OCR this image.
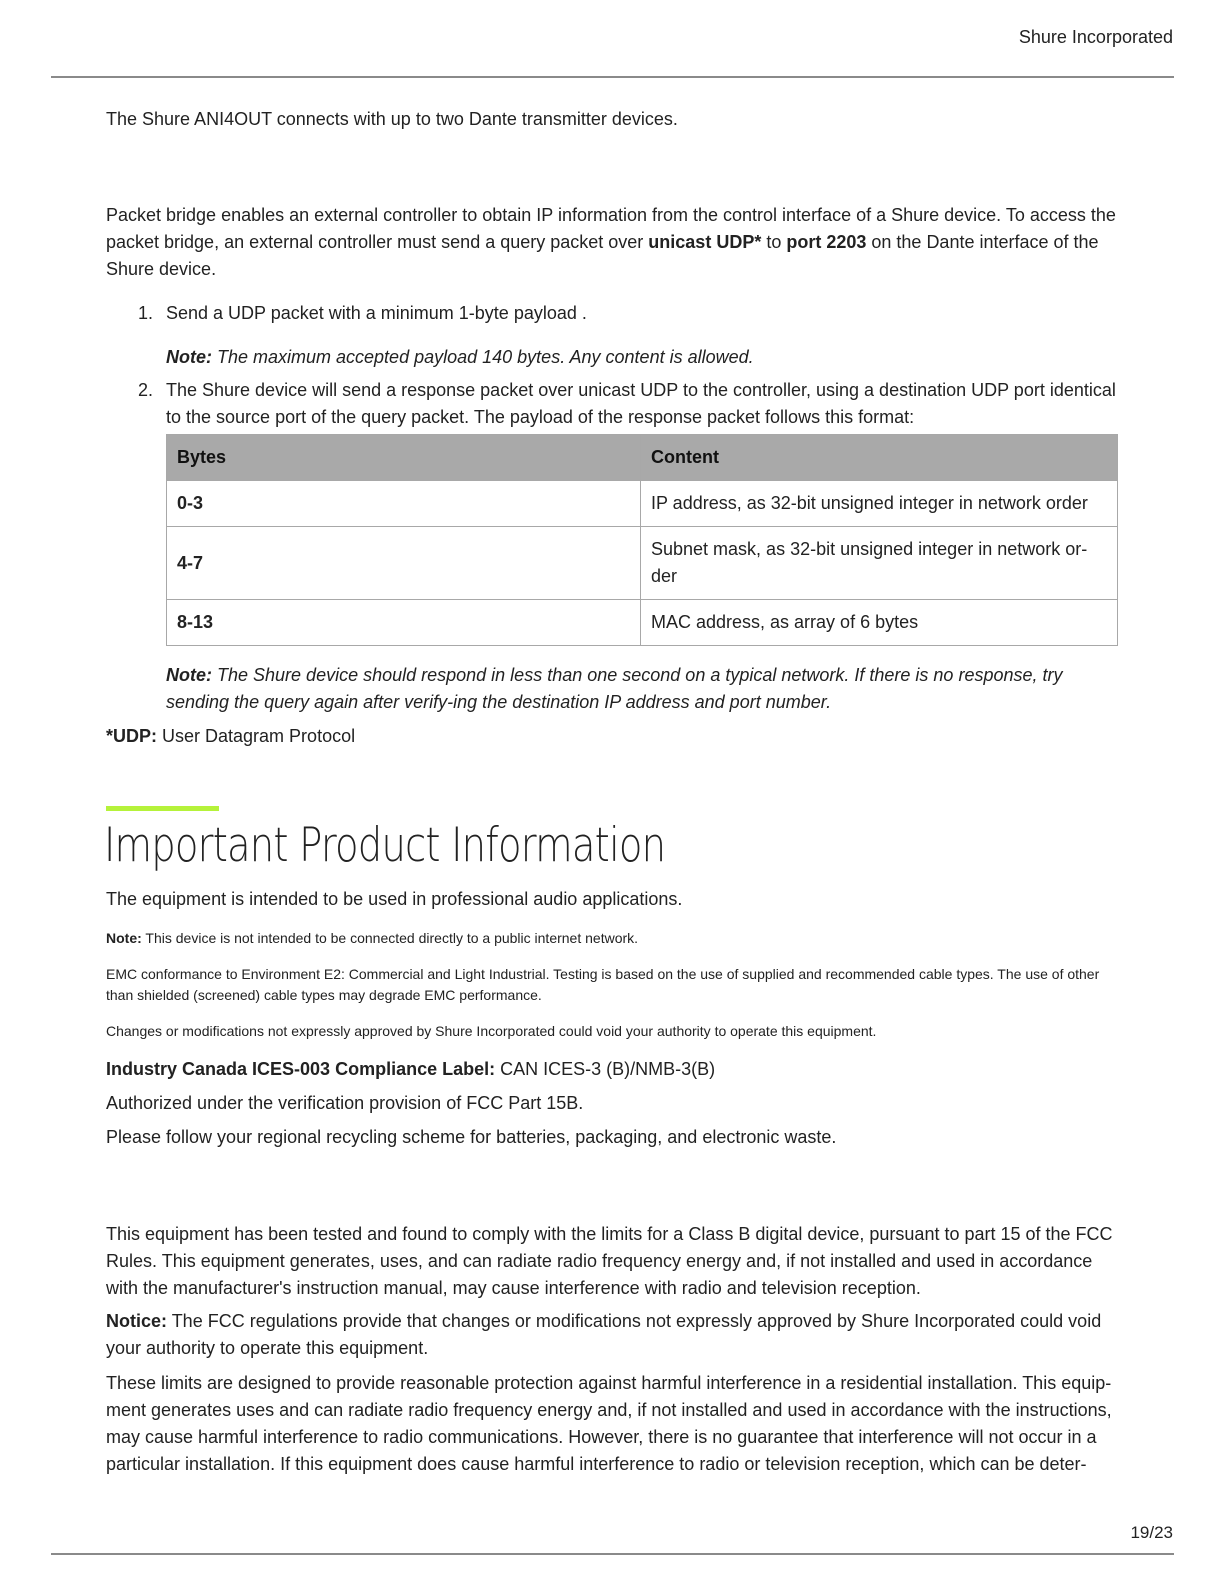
Shure Incorporated

The Shure ANI4OUT connects with up to two Dante transmitter devices.

Packet bridge enables an external controller to obtain IP information from the control interface of a Shure device. To access the packet bridge, an external controller must send a query packet over unicast UDP* to port 2203 on the Dante interface of the Shure device.

1. Send a UDP packet with a minimum 1-byte payload .

Note: The maximum accepted payload 140 bytes. Any content is allowed.

2. The Shure device will send a response packet over unicast UDP to the controller, using a destination UDP port identical to the source port of the query packet. The payload of the response packet follows this format:

Bytes	Content
0-3	IP address, as 32-bit unsigned integer in network order
4-7	Subnet mask, as 32-bit unsigned integer in network or-der
8-13	MAC address, as array of 6 bytes

Note: The Shure device should respond in less than one second on a typical network. If there is no response, try sending the query again after verify-ing the destination IP address and port number.

*UDP: User Datagram Protocol

Important Product Information

The equipment is intended to be used in professional audio applications.

Note: This device is not intended to be connected directly to a public internet network.

EMC conformance to Environment E2: Commercial and Light Industrial. Testing is based on the use of supplied and recommended cable types. The use of other than shielded (screened) cable types may degrade EMC performance.

Changes or modifications not expressly approved by Shure Incorporated could void your authority to operate this equipment.

Industry Canada ICES-003 Compliance Label: CAN ICES-3 (B)/NMB-3(B)

Authorized under the verification provision of FCC Part 15B.

Please follow your regional recycling scheme for batteries, packaging, and electronic waste.

This equipment has been tested and found to comply with the limits for a Class B digital device, pursuant to part 15 of the FCC Rules. This equipment generates, uses, and can radiate radio frequency energy and, if not installed and used in accordance with the manufacturer's instruction manual, may cause interference with radio and television reception.

Notice: The FCC regulations provide that changes or modifications not expressly approved by Shure Incorporated could void your authority to operate this equipment.

These limits are designed to provide reasonable protection against harmful interference in a residential installation. This equip-ment generates uses and can radiate radio frequency energy and, if not installed and used in accordance with the instructions, may cause harmful interference to radio communications. However, there is no guarantee that interference will not occur in a particular installation. If this equipment does cause harmful interference to radio or television reception, which can be deter-

19/23
